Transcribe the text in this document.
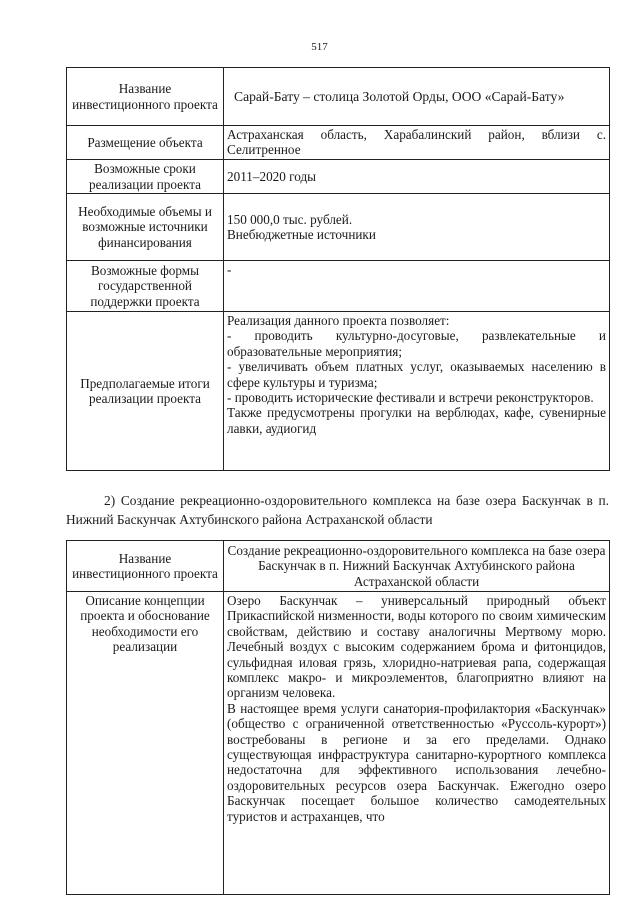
517
Название инвестиционного проекта	Сарай-Бату – столица Золотой Орды, ООО «Сарай-Бату»
Размещение объекта	Астраханская область, Харабалинский район, вблизи с. Селитренное
Возможные сроки реализации проекта	2011–2020 годы
Необходимые объемы и возможные источники финансирования	150 000,0 тыс. рублей.
Внебюджетные источники

Возможные формы государственной поддержки проекта	-
Предполагаемые итоги реализации проекта	Реализация данного проекта позволяет:
- проводить культурно-досуговые, развлекательные и образовательные мероприятия;
- увеличивать объем платных услуг, оказываемых населению в сфере культуры и туризма;
- проводить исторические фестивали и встречи реконструкторов.
Также предусмотрены прогулки на верблюдах, кафе, сувенирные лавки, аудиогид
2) Создание рекреационно-оздоровительного комплекса на базе озера Баскунчак в п. Нижний Баскунчак Ахтубинского района Астраханской области
Название инвестиционного проекта	Создание рекреационно-оздоровительного комплекса на базе озера Баскунчак в п. Нижний Баскунчак Ахтубинского района Астраханской области
Описание концепции проекта и обоснование необходимости его реализации	Озеро Баскунчак – универсальный природный объект Прикаспийской низменности, воды которого по своим химическим свойствам, действию и составу аналогичны Мертвому морю. Лечебный воздух с высоким содержанием брома и фитонцидов, сульфидная иловая грязь, хлоридно-натриевая рапа, содержащая комплекс макро- и микроэлементов, благоприятно влияют на организм человека.
В настоящее время услуги санатория-профилактория «Баскунчак» (общество с ограниченной ответственностью «Руссоль-курорт») востребованы в регионе и за его пределами. Однако существующая инфраструктура санитарно-курортного комплекса недостаточна для эффективного использования лечебно-оздоровительных ресурсов озера Баскунчак. Ежегодно озеро Баскунчак посещает большое количество самодеятельных туристов и астраханцев, что
